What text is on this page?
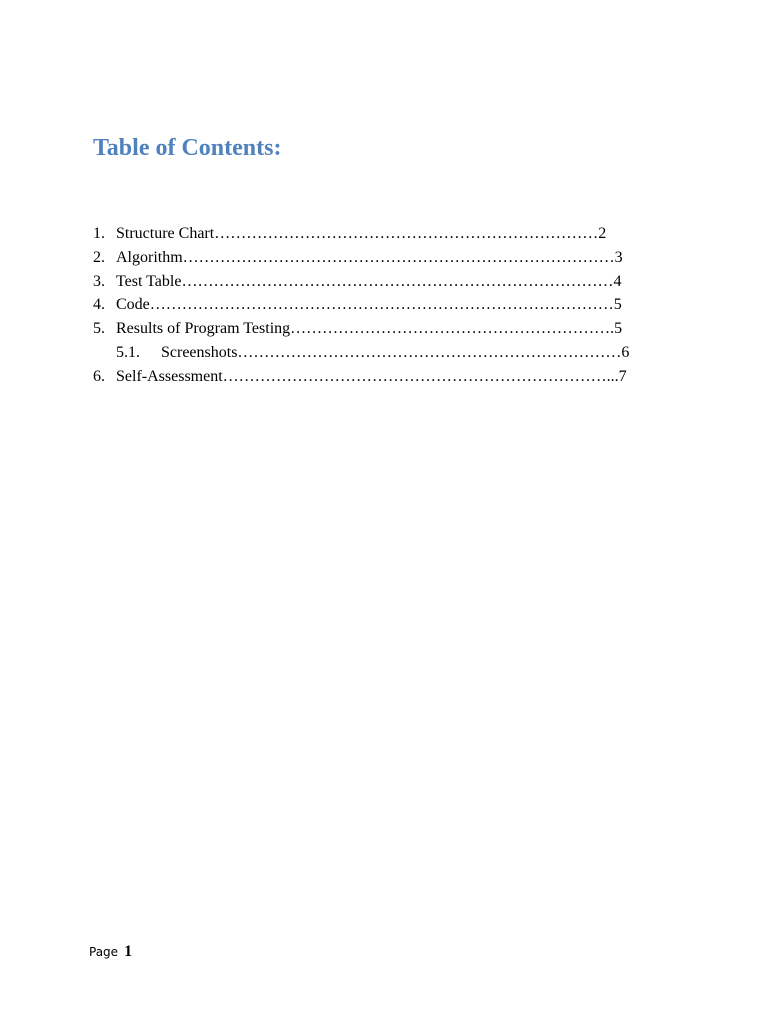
Table of Contents:
1. Structure Chart………………………………………………………………2
2. Algorithm………………………………………………………………………3
3. Test Table………………………………………………………………………4
4. Code……………………………………………………………………………5
5. Results of Program Testing…………………………………………………….5
5.1. Screenshots………………………………………………………………6
6. Self-Assessment………………………………………………………………...7
Page 1
